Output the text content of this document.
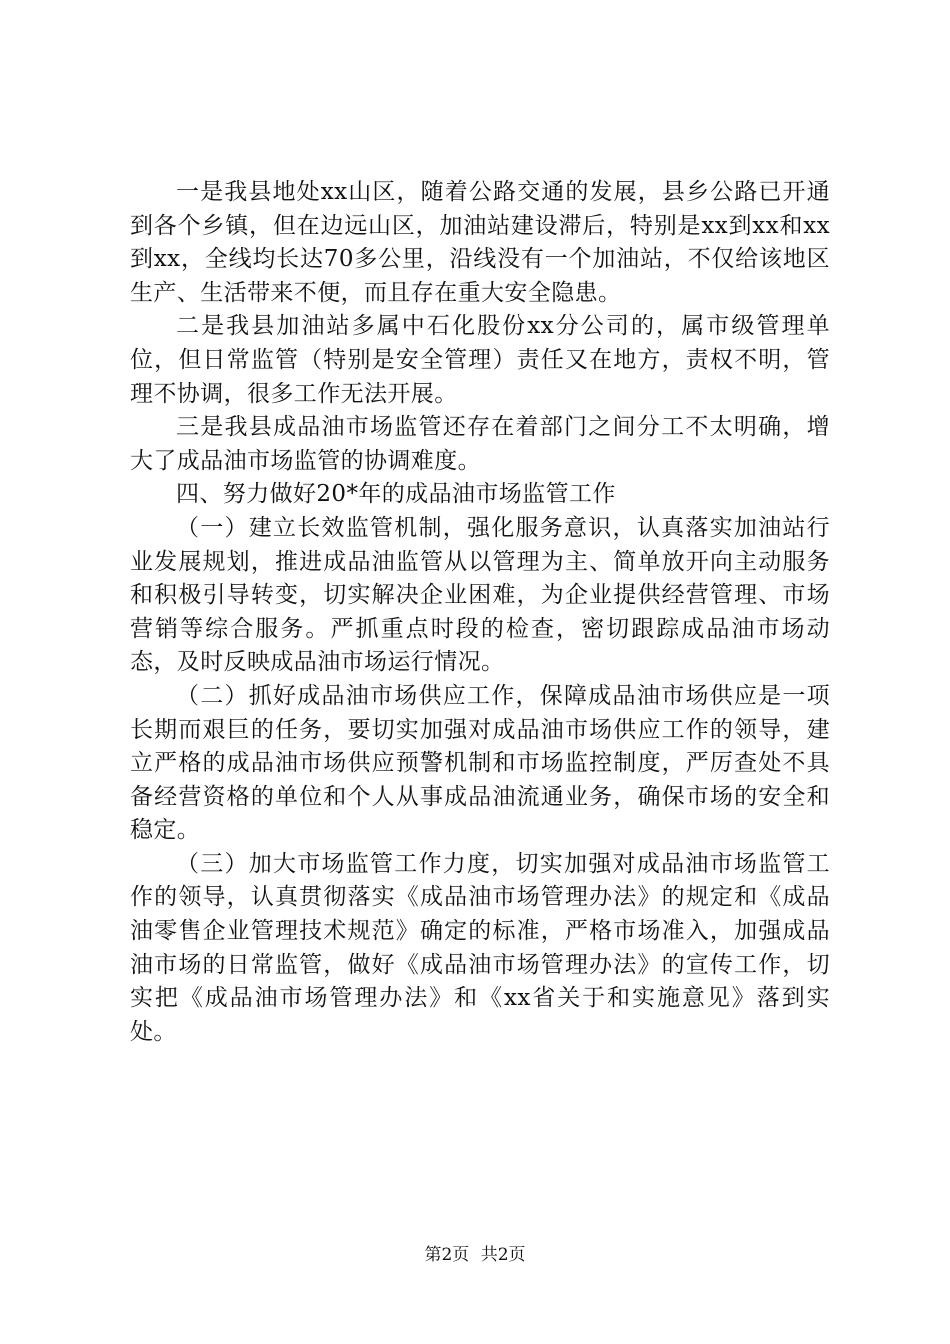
一是我县地处xx山区，随着公路交通的发展，县乡公路已开通到各个乡镇，但在边远山区，加油站建设滞后，特别是xx到xx和xx到xx，全线均长达70多公里，沿线没有一个加油站，不仅给该地区生产、生活带来不便，而且存在重大安全隐患。

二是我县加油站多属中石化股份xx分公司的，属市级管理单位，但日常监管（特别是安全管理）责任又在地方，责权不明，管理不协调，很多工作无法开展。

三是我县成品油市场监管还存在着部门之间分工不太明确，增大了成品油市场监管的协调难度。

四、努力做好20*年的成品油市场监管工作

（一）建立长效监管机制，强化服务意识，认真落实加油站行业发展规划，推进成品油监管从以管理为主、简单放开向主动服务和积极引导转变，切实解决企业困难，为企业提供经营管理、市场营销等综合服务。严抓重点时段的检查，密切跟踪成品油市场动态，及时反映成品油市场运行情况。

（二）抓好成品油市场供应工作，保障成品油市场供应是一项长期而艰巨的任务，要切实加强对成品油市场供应工作的领导，建立严格的成品油市场供应预警机制和市场监控制度，严厉查处不具备经营资格的单位和个人从事成品油流通业务，确保市场的安全和稳定。

（三）加大市场监管工作力度，切实加强对成品油市场监管工作的领导，认真贯彻落实《成品油市场管理办法》的规定和《成品油零售企业管理技术规范》确定的标准，严格市场准入，加强成品油市场的日常监管，做好《成品油市场管理办法》的宣传工作，切实把《成品油市场管理办法》和《xx省关于和实施意见》落到实处。

第2页 共2页
